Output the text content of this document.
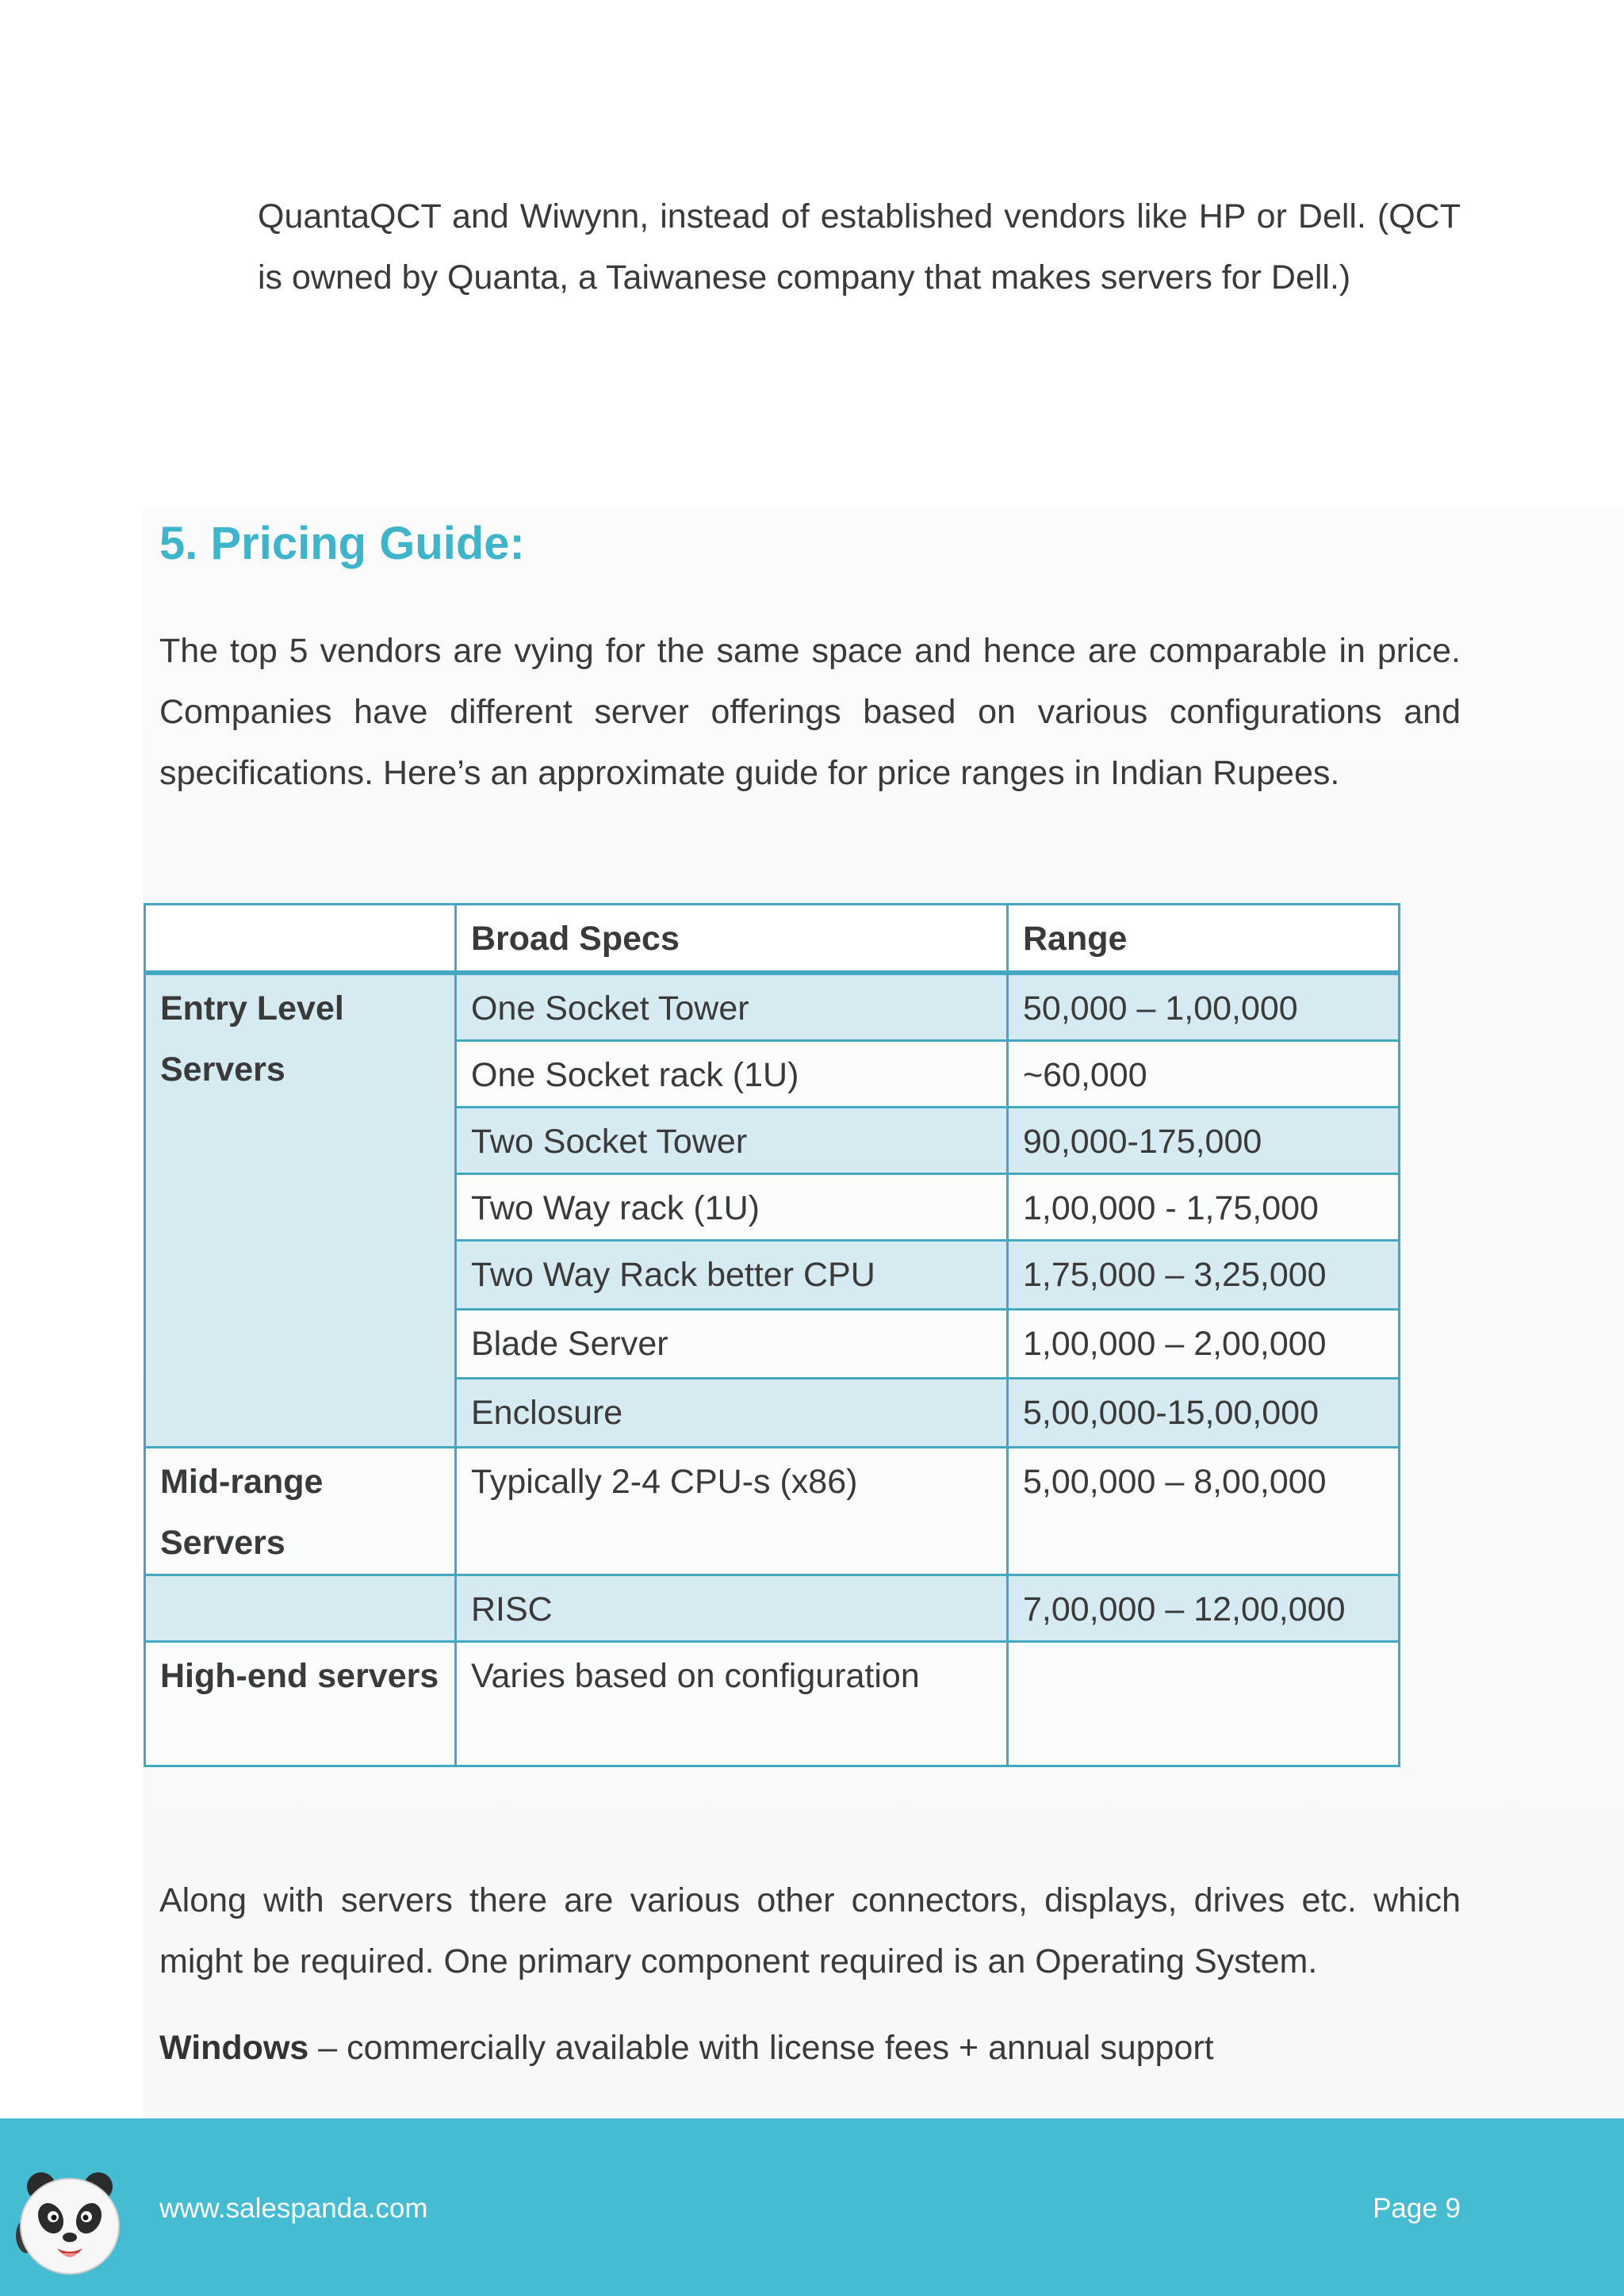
QuantaQCT and Wiwynn, instead of established vendors like HP or Dell. (QCT is owned by Quanta, a Taiwanese company that makes servers for Dell.)

5. Pricing Guide:

The top 5 vendors are vying for the same space and hence are comparable in price. Companies have different server offerings based on various configurations and specifications. Here’s an approximate guide for price ranges in Indian Rupees.

	Broad Specs	Range
Entry Level Servers	One Socket Tower	50,000 – 1,00,000
	One Socket rack (1U)	~60,000
	Two Socket Tower	90,000-175,000
	Two Way rack (1U)	1,00,000 - 1,75,000
	Two Way Rack better CPU	1,75,000 – 3,25,000
	Blade Server	1,00,000 – 2,00,000
	Enclosure	5,00,000-15,00,000
Mid-range Servers	Typically 2-4 CPU-s (x86)	5,00,000 – 8,00,000
	RISC	7,00,000 – 12,00,000
High-end servers	Varies based on configuration	

Along with servers there are various other connectors, displays, drives etc. which might be required. One primary component required is an Operating System.

Windows – commercially available with license fees + annual support

www.salespanda.com	Page 9
